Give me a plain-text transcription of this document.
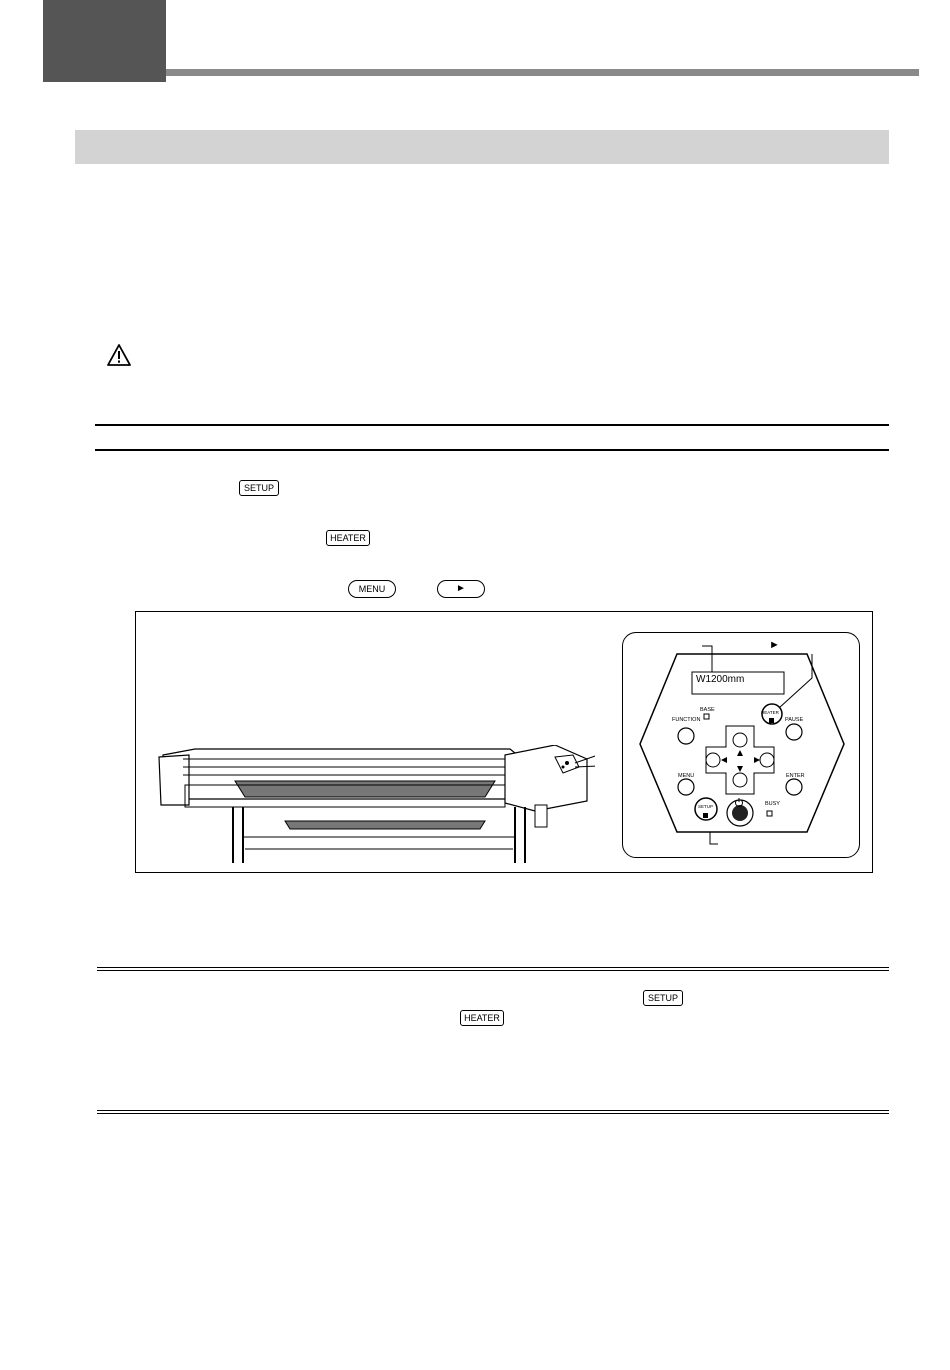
SETUP
HEATER
MENU	►
W1200mm
►
BASE
FUNCTION
HEATER
PAUSE
MENU	ENTER
SETUP	BUSY
SETUP
HEATER
